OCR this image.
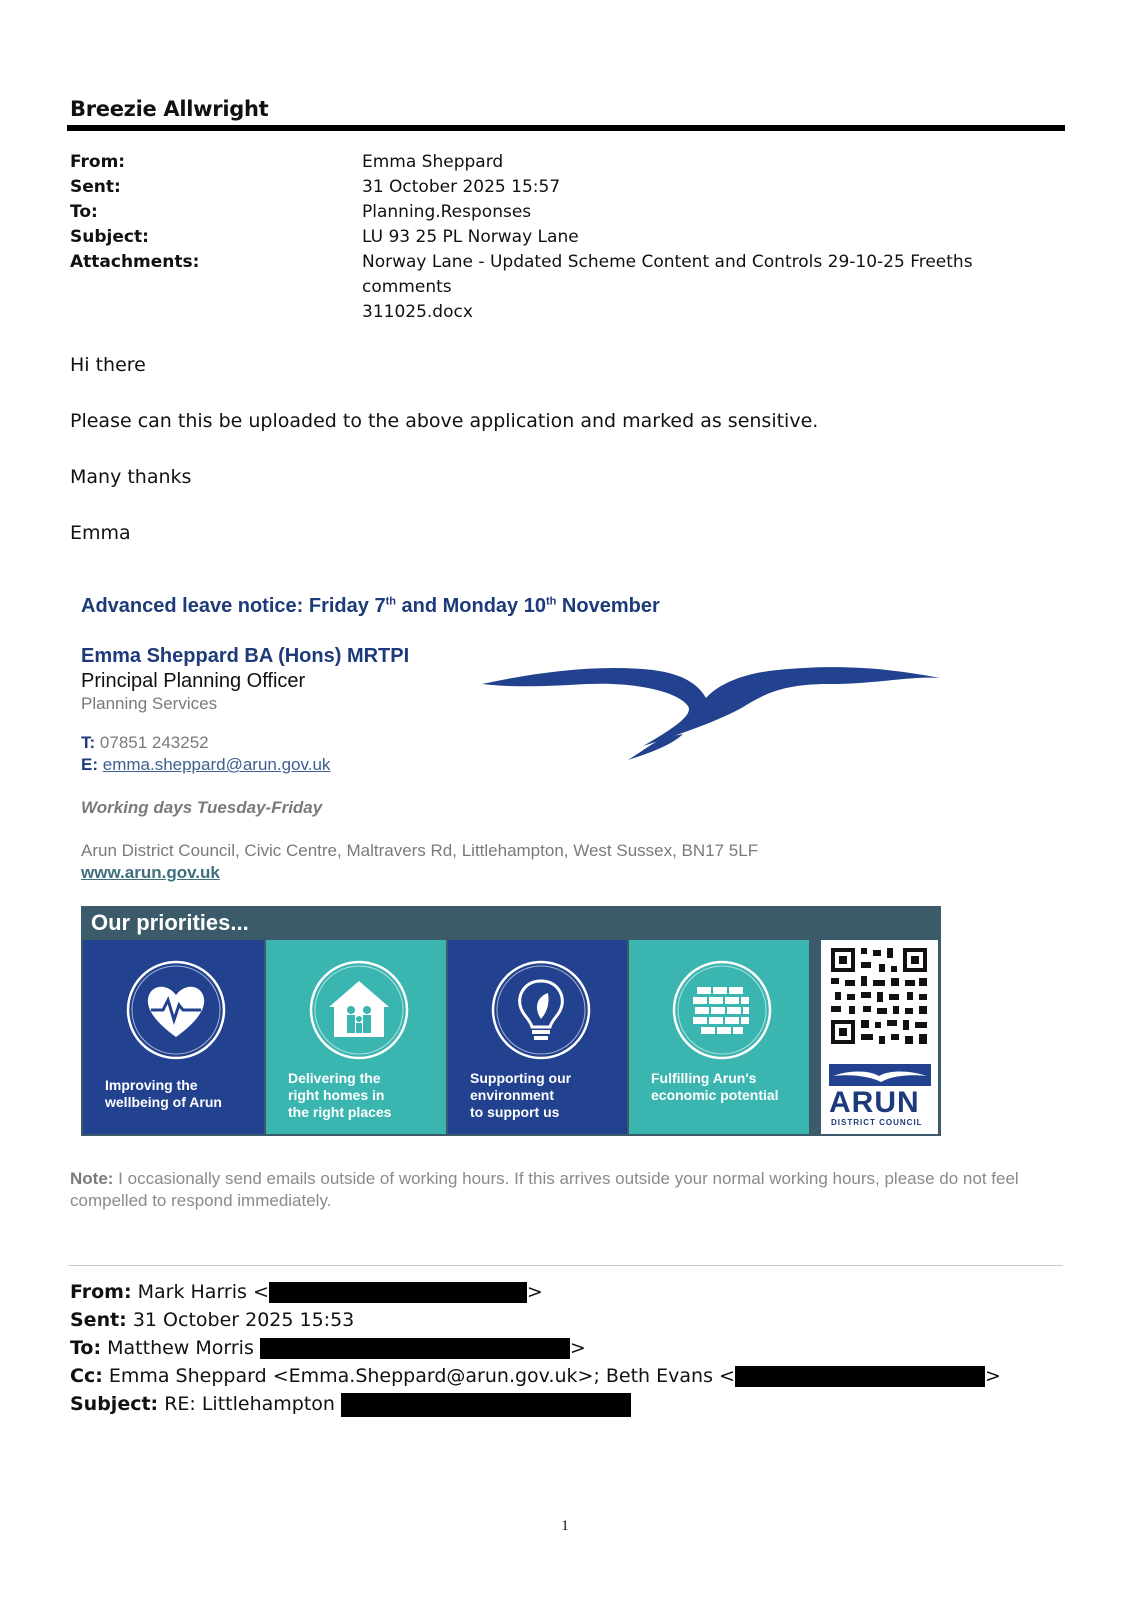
Breezie Allwright
From:	Emma Sheppard
Sent:	31 October 2025 15:57
To:	Planning.Responses
Subject:	LU 93 25 PL Norway Lane
Attachments:	Norway Lane - Updated Scheme Content and Controls 29-10-25 Freeths comments
311025.docx
Hi there
Please can this be uploaded to the above application and marked as sensitive.
Many thanks
Emma
Advanced leave notice: Friday 7th and Monday 10th November
Emma Sheppard BA (Hons) MRTPI
Principal Planning Officer
Planning Services
T: 07851 243252
E: emma.sheppard@arun.gov.uk
Working days Tuesday-Friday
Arun District Council, Civic Centre, Maltravers Rd, Littlehampton, West Sussex, BN17 5LF
www.arun.gov.uk
Our priorities...
Improving the
wellbeing of Arun
Delivering the
right homes in
the right places
Supporting our
environment
to support us
Fulfilling Arun's
economic potential ARUN
DISTRICT COUNCIL
Note: I occasionally send emails outside of working hours. If this arrives outside your normal working hours, please do not feel compelled to respond immediately.
From: Mark Harris <	>
Sent: 31 October 2025 15:53
To: Matthew Morris	>
Cc: Emma Sheppard <Emma.Sheppard@arun.gov.uk>; Beth Evans <	>
Subject: RE: Littlehampton
1
